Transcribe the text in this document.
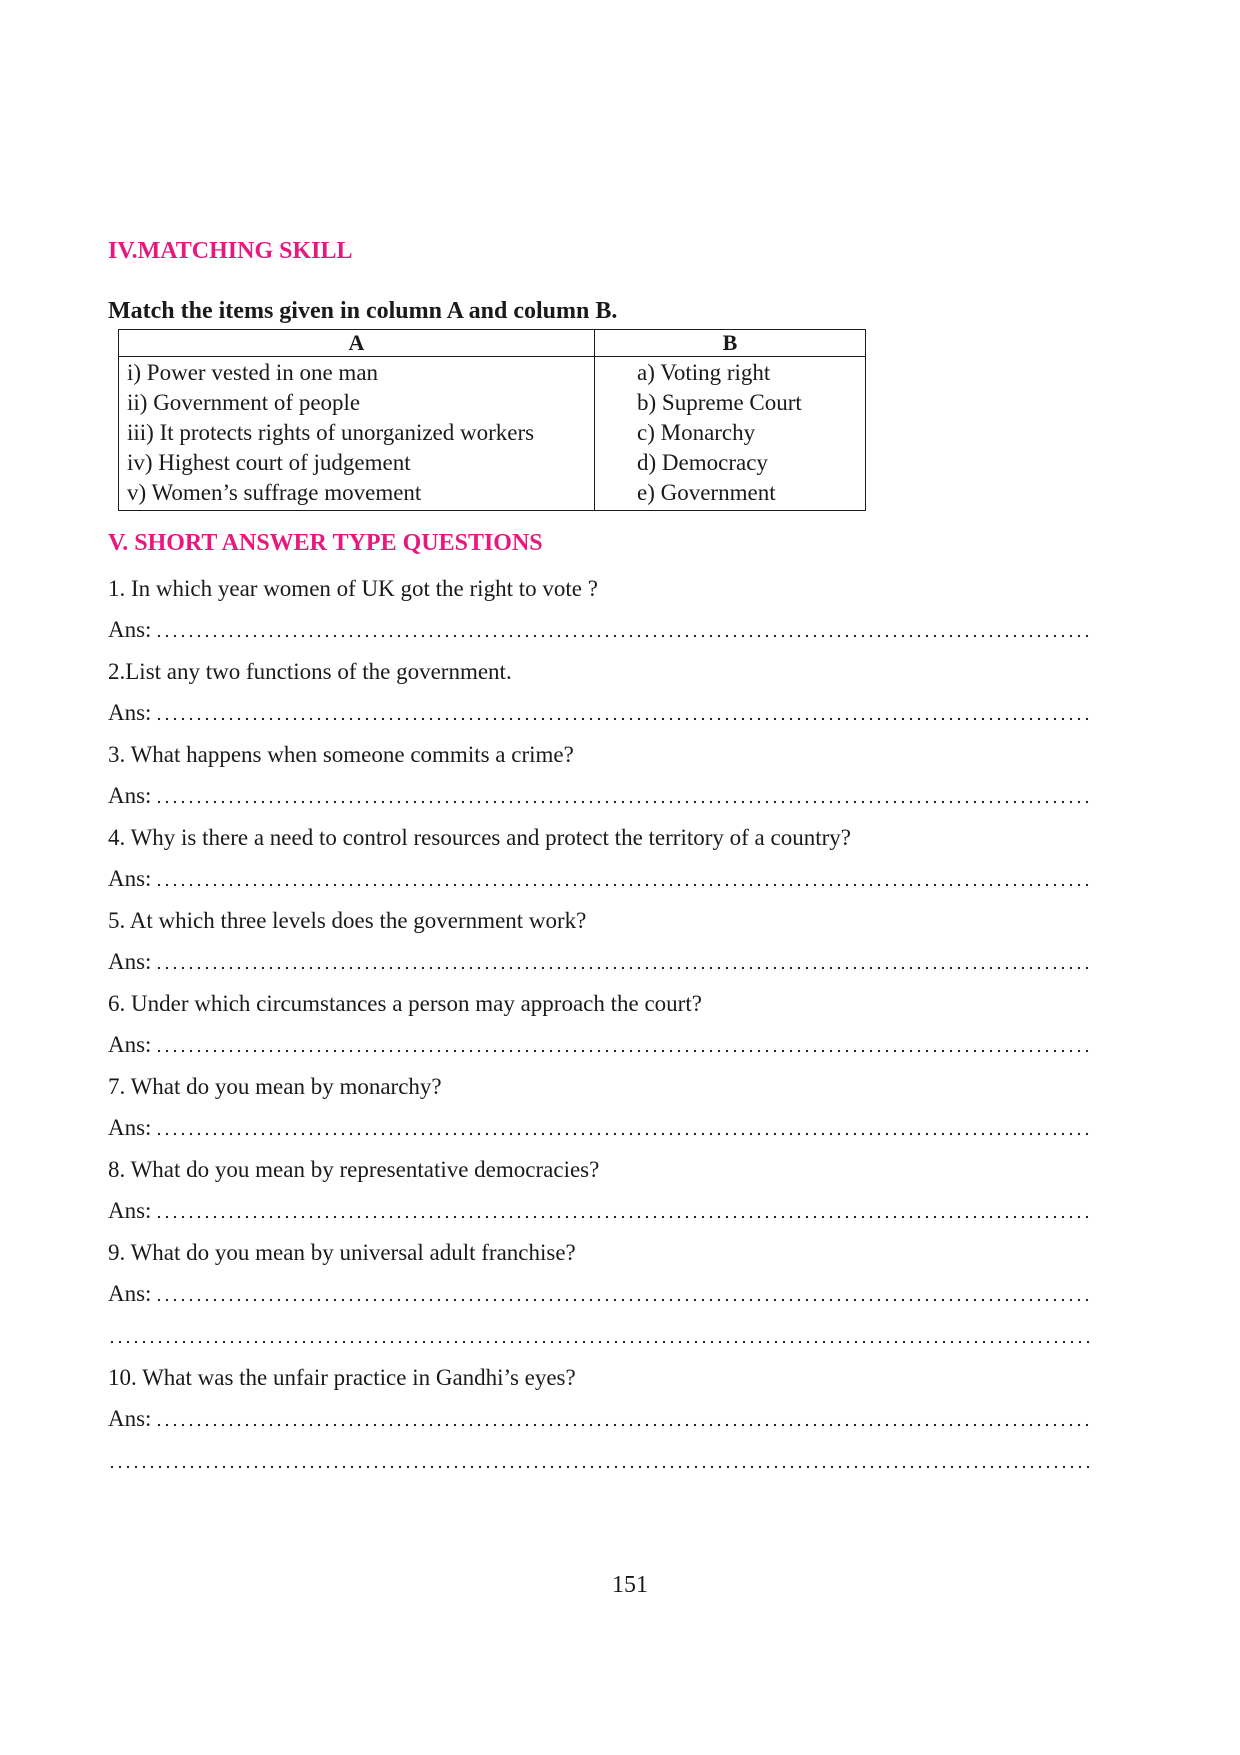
IV.MATCHING SKILL

Match the items given in column A and column B.

A	B
i) Power vested in one man	a) Voting right
ii) Government of people	b) Supreme Court
iii) It protects rights of unorganized workers	c) Monarchy
iv) Highest court of judgement	d) Democracy
v) Women’s suffrage movement	e) Government
V. SHORT ANSWER TYPE QUESTIONS

1. In which year women of UK got the right to vote ?

Ans:

2.List any two functions of the government.

Ans:

3. What happens when someone commits a crime?

Ans:

4. Why is there a need to control resources and protect the territory of a country?

Ans:

5. At which three levels does the government work?

Ans:

6. Under which circumstances a person may approach the court?

Ans:

7. What do you mean by monarchy?

Ans:

8. What do you mean by representative democracies?

Ans:

9. What do you mean by universal adult franchise?

Ans:

10. What was the unfair practice in Gandhi’s eyes?

Ans:

151
